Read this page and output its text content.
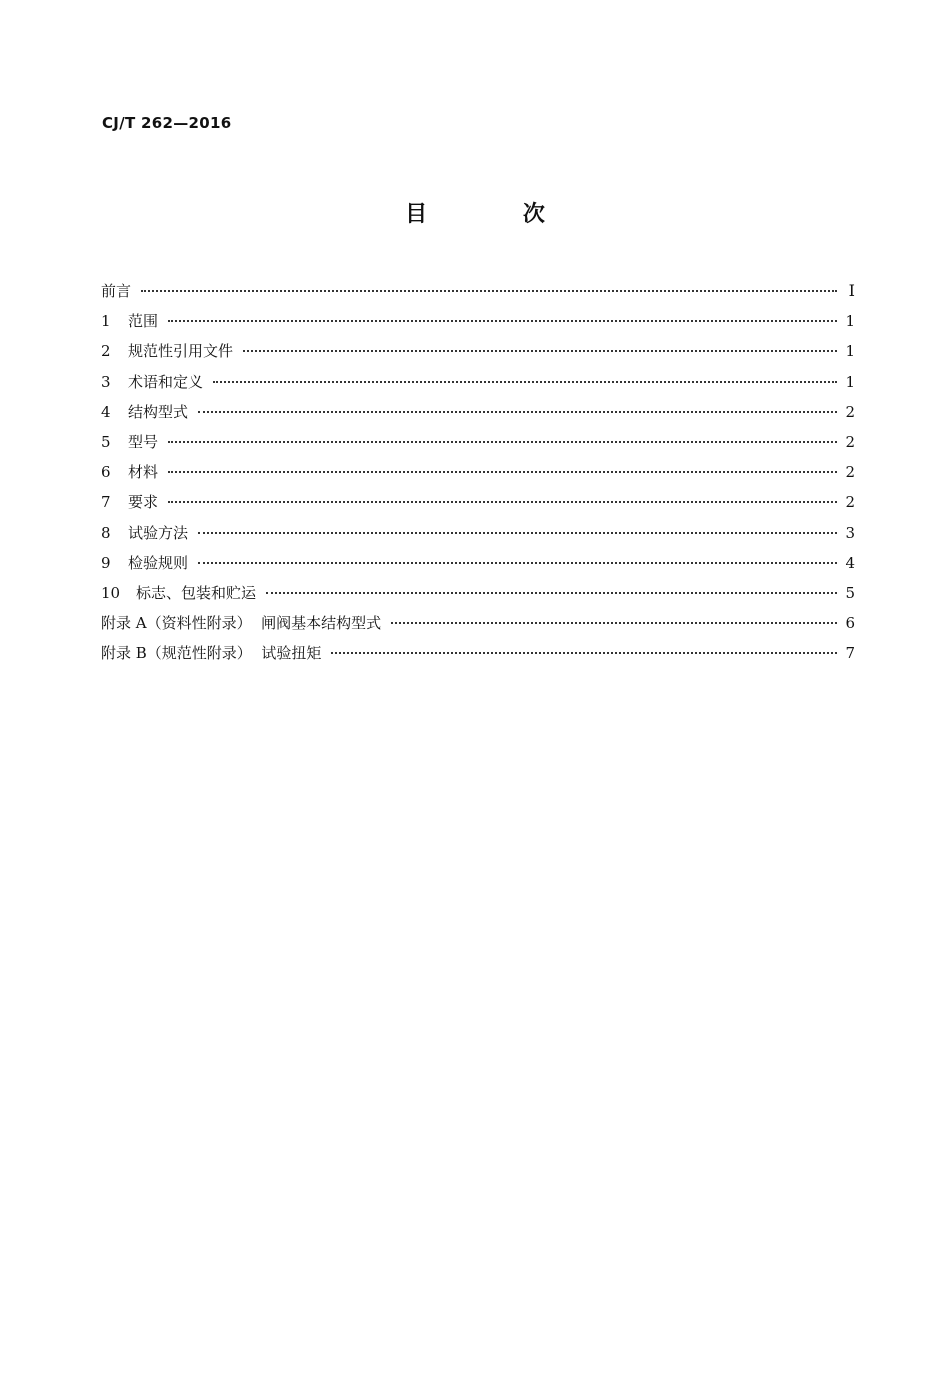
CJ/T 262—2016
目 次
前言	Ⅰ
1	范围	1
2	规范性引用文件	1
3	术语和定义	1
4	结构型式	2
5	型号	2
6	材料	2
7	要求	2
8	试验方法	3
9	检验规则	4
10	标志、包装和贮运	5
附录 A（资料性附录）  闸阀基本结构型式	6
附录 B（规范性附录）  试验扭矩	7
